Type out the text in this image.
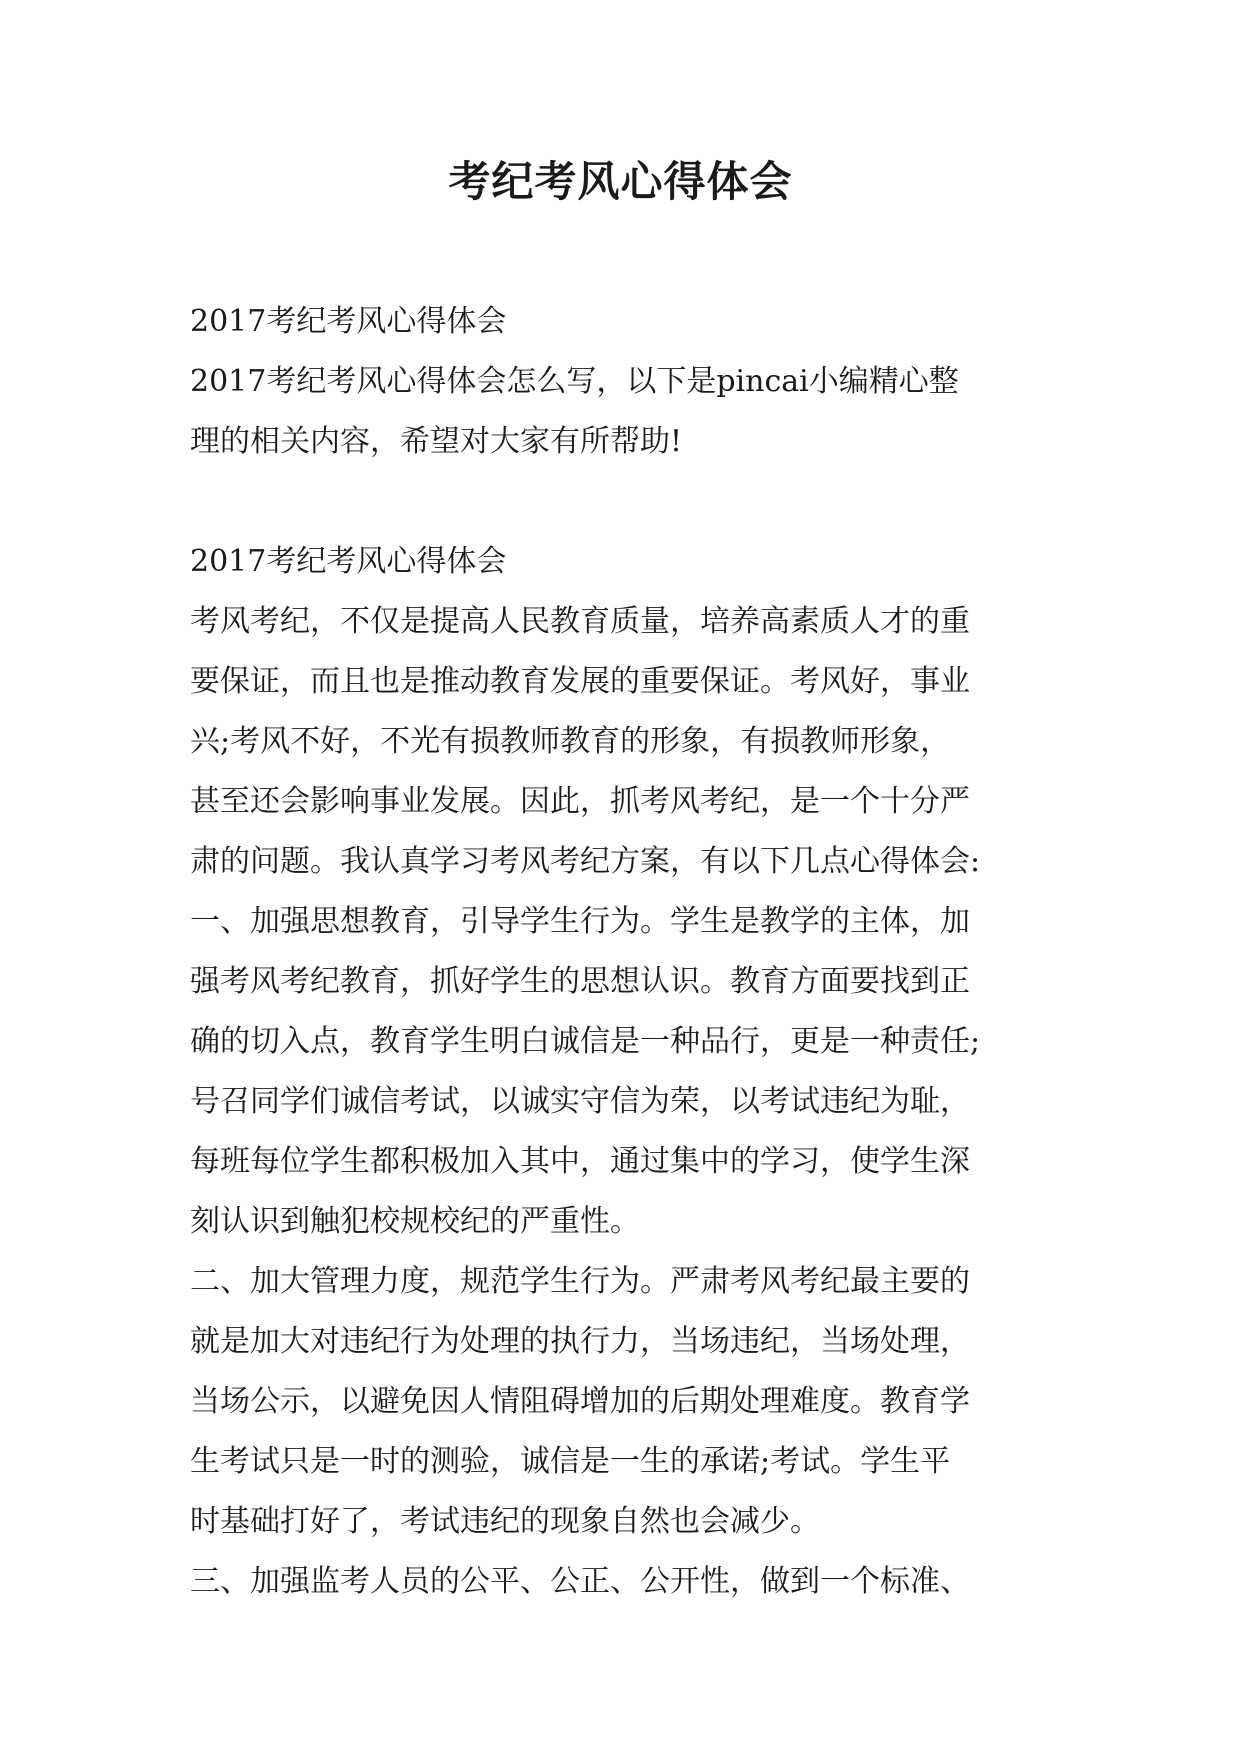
考纪考风心得体会
2017考纪考风心得体会
2017考纪考风心得体会怎么写，以下是pincai小编精心整
理的相关内容，希望对大家有所帮助!
2017考纪考风心得体会
考风考纪，不仅是提高人民教育质量，培养高素质人才的重
要保证，而且也是推动教育发展的重要保证。考风好，事业
兴;考风不好，不光有损教师教育的形象，有损教师形象，
甚至还会影响事业发展。因此，抓考风考纪，是一个十分严
肃的问题。我认真学习考风考纪方案，有以下几点心得体会:
一、加强思想教育，引导学生行为。学生是教学的主体，加
强考风考纪教育，抓好学生的思想认识。教育方面要找到正
确的切入点，教育学生明白诚信是一种品行，更是一种责任;
号召同学们诚信考试，以诚实守信为荣，以考试违纪为耻，
每班每位学生都积极加入其中，通过集中的学习，使学生深
刻认识到触犯校规校纪的严重性。
二、加大管理力度，规范学生行为。严肃考风考纪最主要的
就是加大对违纪行为处理的执行力，当场违纪，当场处理，
当场公示，以避免因人情阻碍增加的后期处理难度。教育学
生考试只是一时的测验，诚信是一生的承诺;考试。学生平
时基础打好了，考试违纪的现象自然也会减少。
三、加强监考人员的公平、公正、公开性，做到一个标准、
